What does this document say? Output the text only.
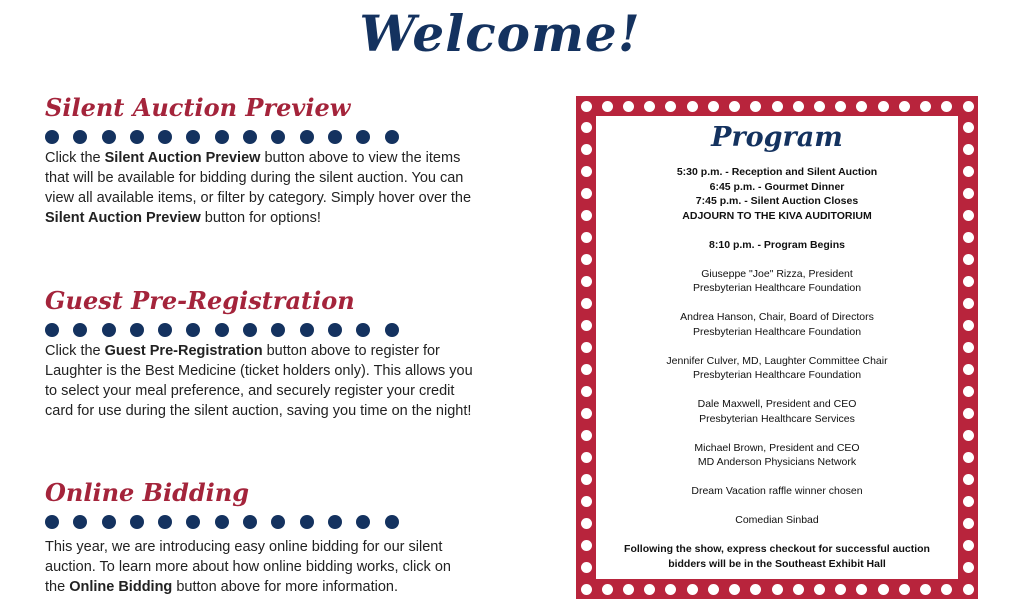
Welcome!
Silent Auction Preview
Click the Silent Auction Preview button above to view the items that will be available for bidding during the silent auction. You can view all available items, or filter by category. Simply hover over the Silent Auction Preview button for options!
Guest Pre-Registration
Click the Guest Pre-Registration button above to register for Laughter is the Best Medicine (ticket holders only). This allows you to select your meal preference, and securely register your credit card for use during the silent auction, saving you time on the night!
Online Bidding
This year, we are introducing easy online bidding for our silent auction. To learn more about how online bidding works, click on the Online Bidding button above for more information.
Program
5:30 p.m. - Reception and Silent Auction
6:45 p.m. - Gourmet Dinner
7:45 p.m. - Silent Auction Closes
ADJOURN TO THE KIVA AUDITORIUM
8:10 p.m. - Program Begins
Giuseppe "Joe" Rizza, President
Presbyterian Healthcare Foundation
Andrea Hanson, Chair, Board of Directors
Presbyterian Healthcare Foundation
Jennifer Culver, MD, Laughter Committee Chair
Presbyterian Healthcare Foundation
Dale Maxwell, President and CEO
Presbyterian Healthcare Services
Michael Brown, President and CEO
MD Anderson Physicians Network
Dream Vacation raffle winner chosen
Comedian Sinbad
Following the show, express checkout for successful auction
bidders will be in the Southeast Exhibit Hall
